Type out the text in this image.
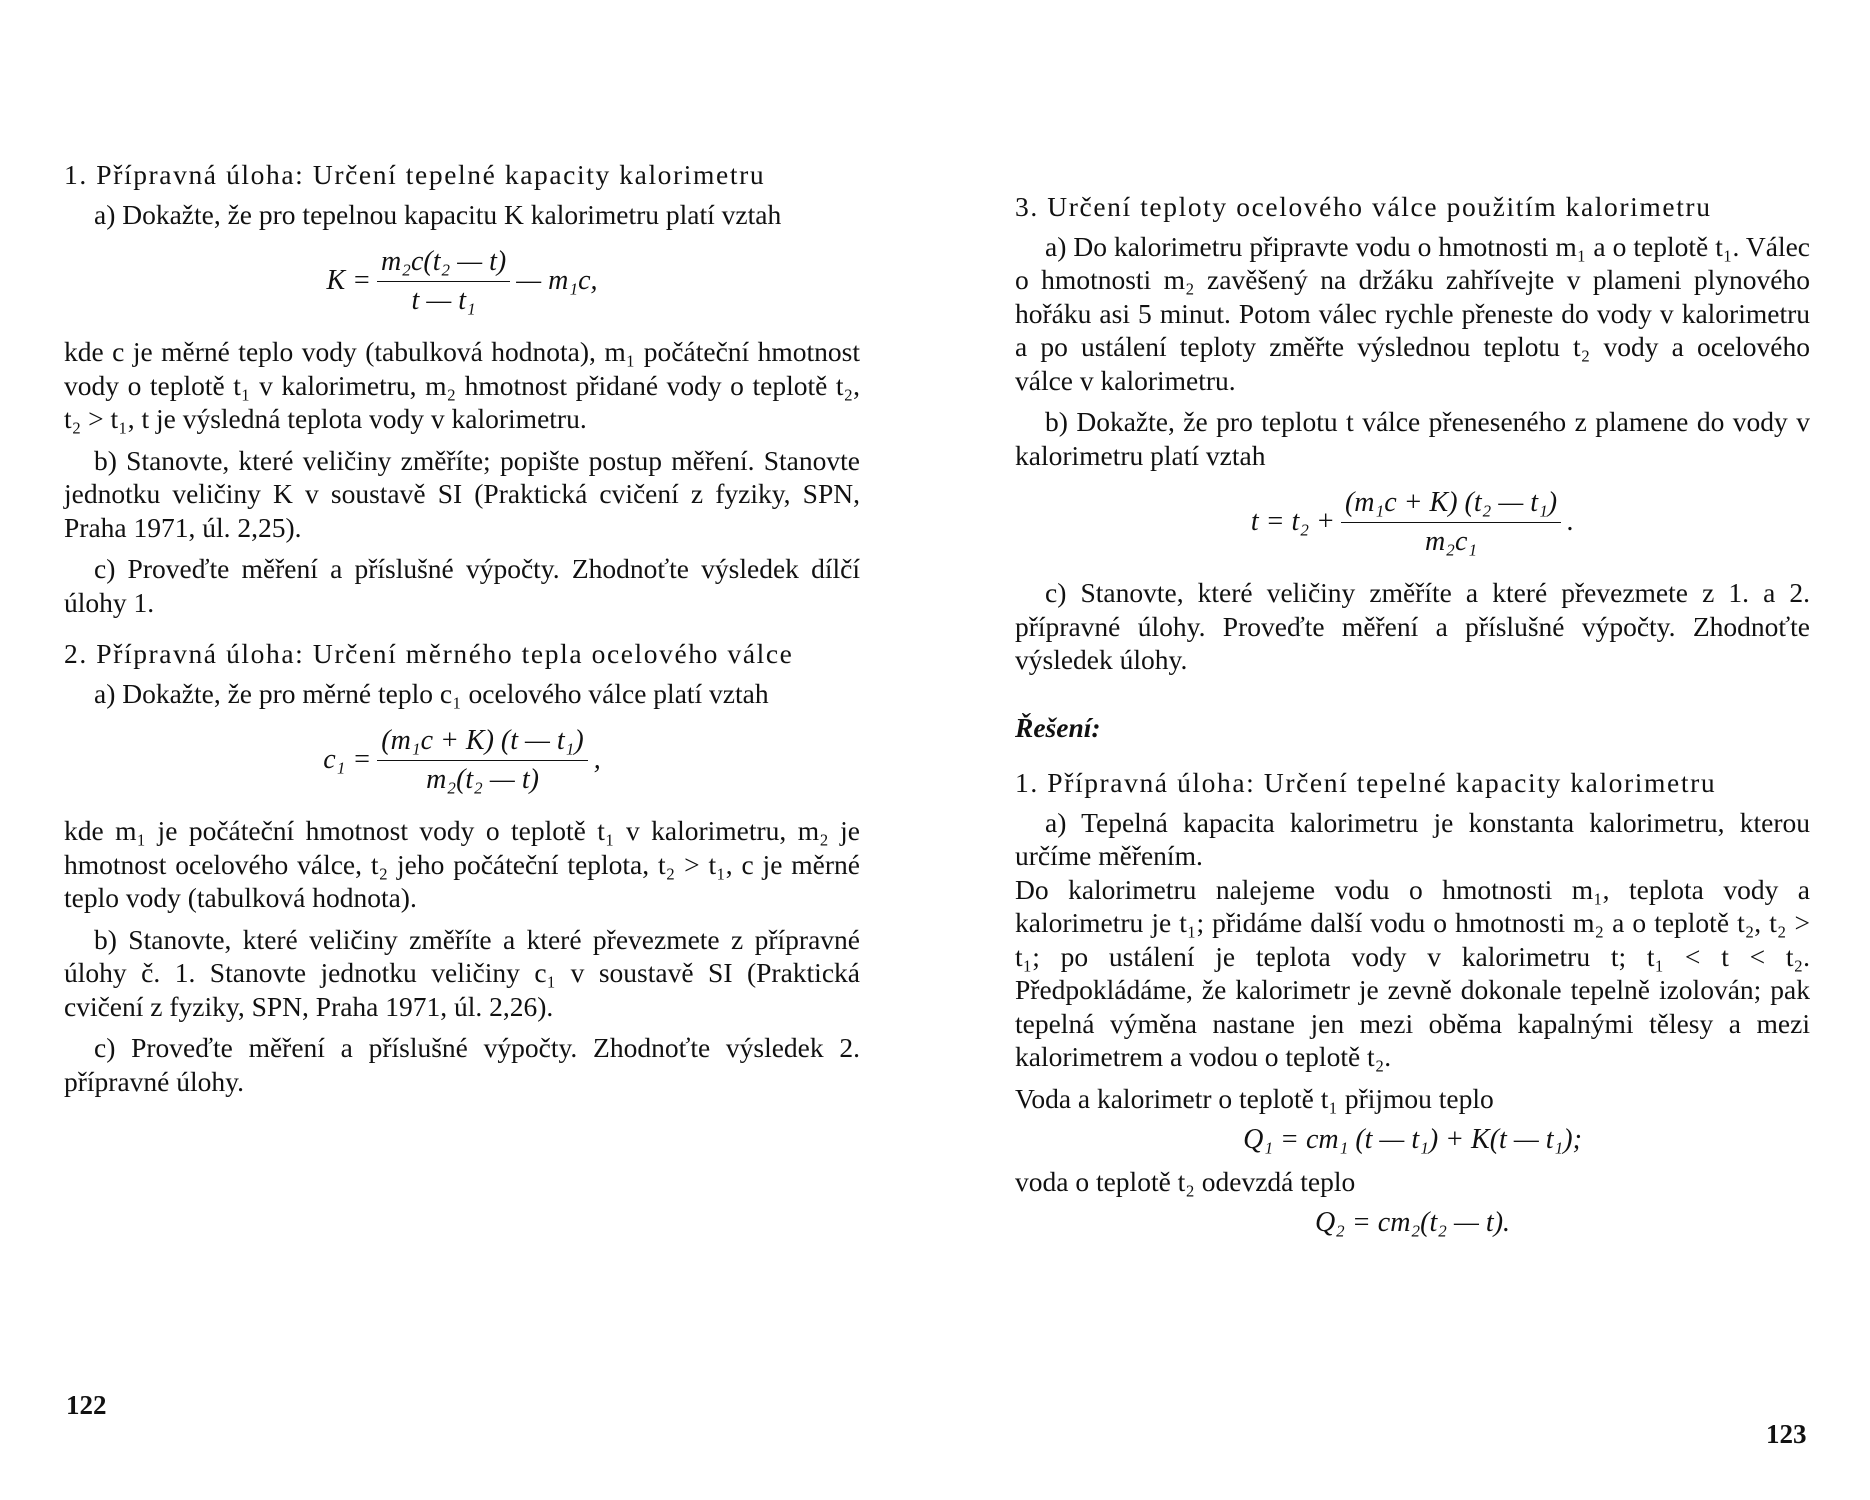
1. Přípravná úloha: Určení tepelné kapacity kalorimetru

a) Dokažte, že pro tepelnou kapacitu K kalorimetru platí vztah

$K = \frac{\text{m₂c(t₂ — t)}}{\text{t — t₁}}$ — m₁c,

kde c je měrné teplo vody (tabulková hodnota), m₁ počáteční hmotnost vody o teplotě t₁ v kalorimetru, m₂ hmotnost přidané vody o teplotě t₂, t₂ > t₁, t je výsledná teplota vody v kalorimetru.

b) Stanovte, které veličiny změříte; popište postup měření. Stanovte jednotku veličiny K v soustavě SI (Praktická cvičení z fyziky, SPN, Praha 1971, úl. 2,25).

c) Proveďte měření a příslušné výpočty. Zhodnoťte výsledek dílčí úlohy 1.

2. Přípravná úloha: Určení měrného tepla ocelového válce

a) Dokažte, že pro měrné teplo c₁ ocelového válce platí vztah

$c_1 = \frac{\text{(m₁c + K) (t — t₁)}}{\text{m₂(t₂ — t)}}$ ,

kde m₁ je počáteční hmotnost vody o teplotě t₁ v kalorimetru, m₂ je hmotnost ocelového válce, t₂ jeho počáteční teplota, t₂ > t₁, c je měrné teplo vody (tabulková hodnota).

b) Stanovte, které veličiny změříte a které převezmete z přípravné úlohy č. 1. Stanovte jednotku veličiny c₁ v soustavě SI (Praktická cvičení z fyziky, SPN, Praha 1971, úl. 2,26).

c) Proveďte měření a příslušné výpočty. Zhodnoťte výsledek 2. přípravné úlohy.

122

3. Určení teploty ocelového válce použitím kalorimetru

a) Do kalorimetru připravte vodu o hmotnosti m₁ a o teplotě t₁. Válec o hmotnosti m₂ zavěšený na držáku zahřívejte v plameni plynového hořáku asi 5 minut. Potom válec rychle přeneste do vody v kalorimetru a po ustálení teploty změřte výslednou teplotu t₂ vody a ocelového válce v kalorimetru.

b) Dokažte, že pro teplotu t válce přeneseného z plamene do vody v kalorimetru platí vztah

$t = t_2 + \frac{\text{(m₁c + K) (t₂ — t₁)}}{\text{m₂c₁}}$ .

c) Stanovte, které veličiny změříte a které převezmete z 1. a 2. přípravné úlohy. Proveďte měření a příslušné výpočty. Zhodnoťte výsledek úlohy.

Řešení:

1. Přípravná úloha: Určení tepelné kapacity kalorimetru

a) Tepelná kapacita kalorimetru je konstanta kalorimetru, kterou určíme měřením.

Do kalorimetru nalejeme vodu o hmotnosti m₁, teplota vody a kalorimetru je t₁; přidáme další vodu o hmotnosti m₂ a o teplotě t₂, t₂ > t₁; po ustálení je teplota vody v kalorimetru t; t₁ < t < t₂. Předpokládáme, že kalorimetr je zevně dokonale tepelně izolován; pak tepelná výměna nastane jen mezi oběma kapalnými tělesy a mezi kalorimetrem a vodou o teplotě t₂.

Voda a kalorimetr o teplotě t₁ přijmou teplo

Q₁ = cm₁ (t — t₁) + K(t — t₁);

voda o teplotě t₂ odevzdá teplo

Q₂ = cm₂(t₂ — t).
123
